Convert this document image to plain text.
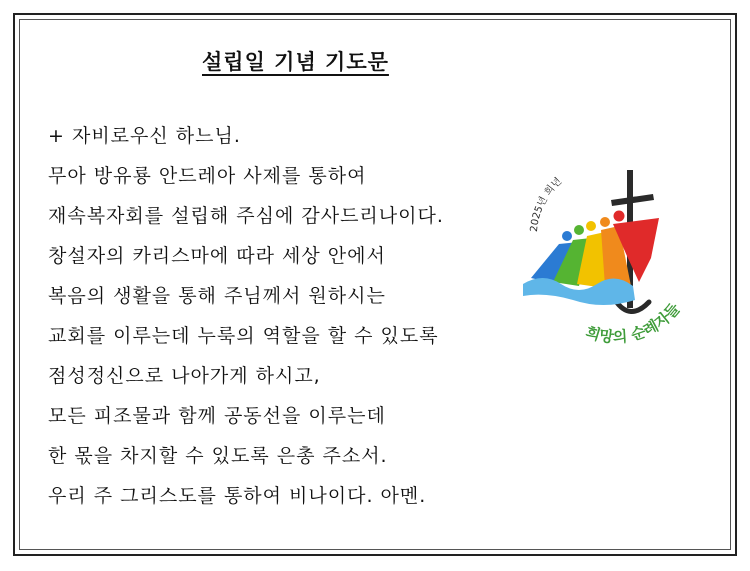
설립일 기념 기도문
+ 자비로우신 하느님.
무아 방유룡 안드레아 사제를 통하여
재속복자회를 설립해 주심에 감사드리나이다.
창설자의 카리스마에 따라 세상 안에서
복음의 생활을 통해 주님께서 원하시는
교회를 이루는데 누룩의 역할을 할 수 있도록
점성정신으로 나아가게 하시고,
모든 피조물과 함께 공동선을 이루는데
한 몫을 차지할 수 있도록 은총 주소서.
우리 주 그리스도를 통하여 비나이다. 아멘.
2025년 희년
희망의 순례자들
